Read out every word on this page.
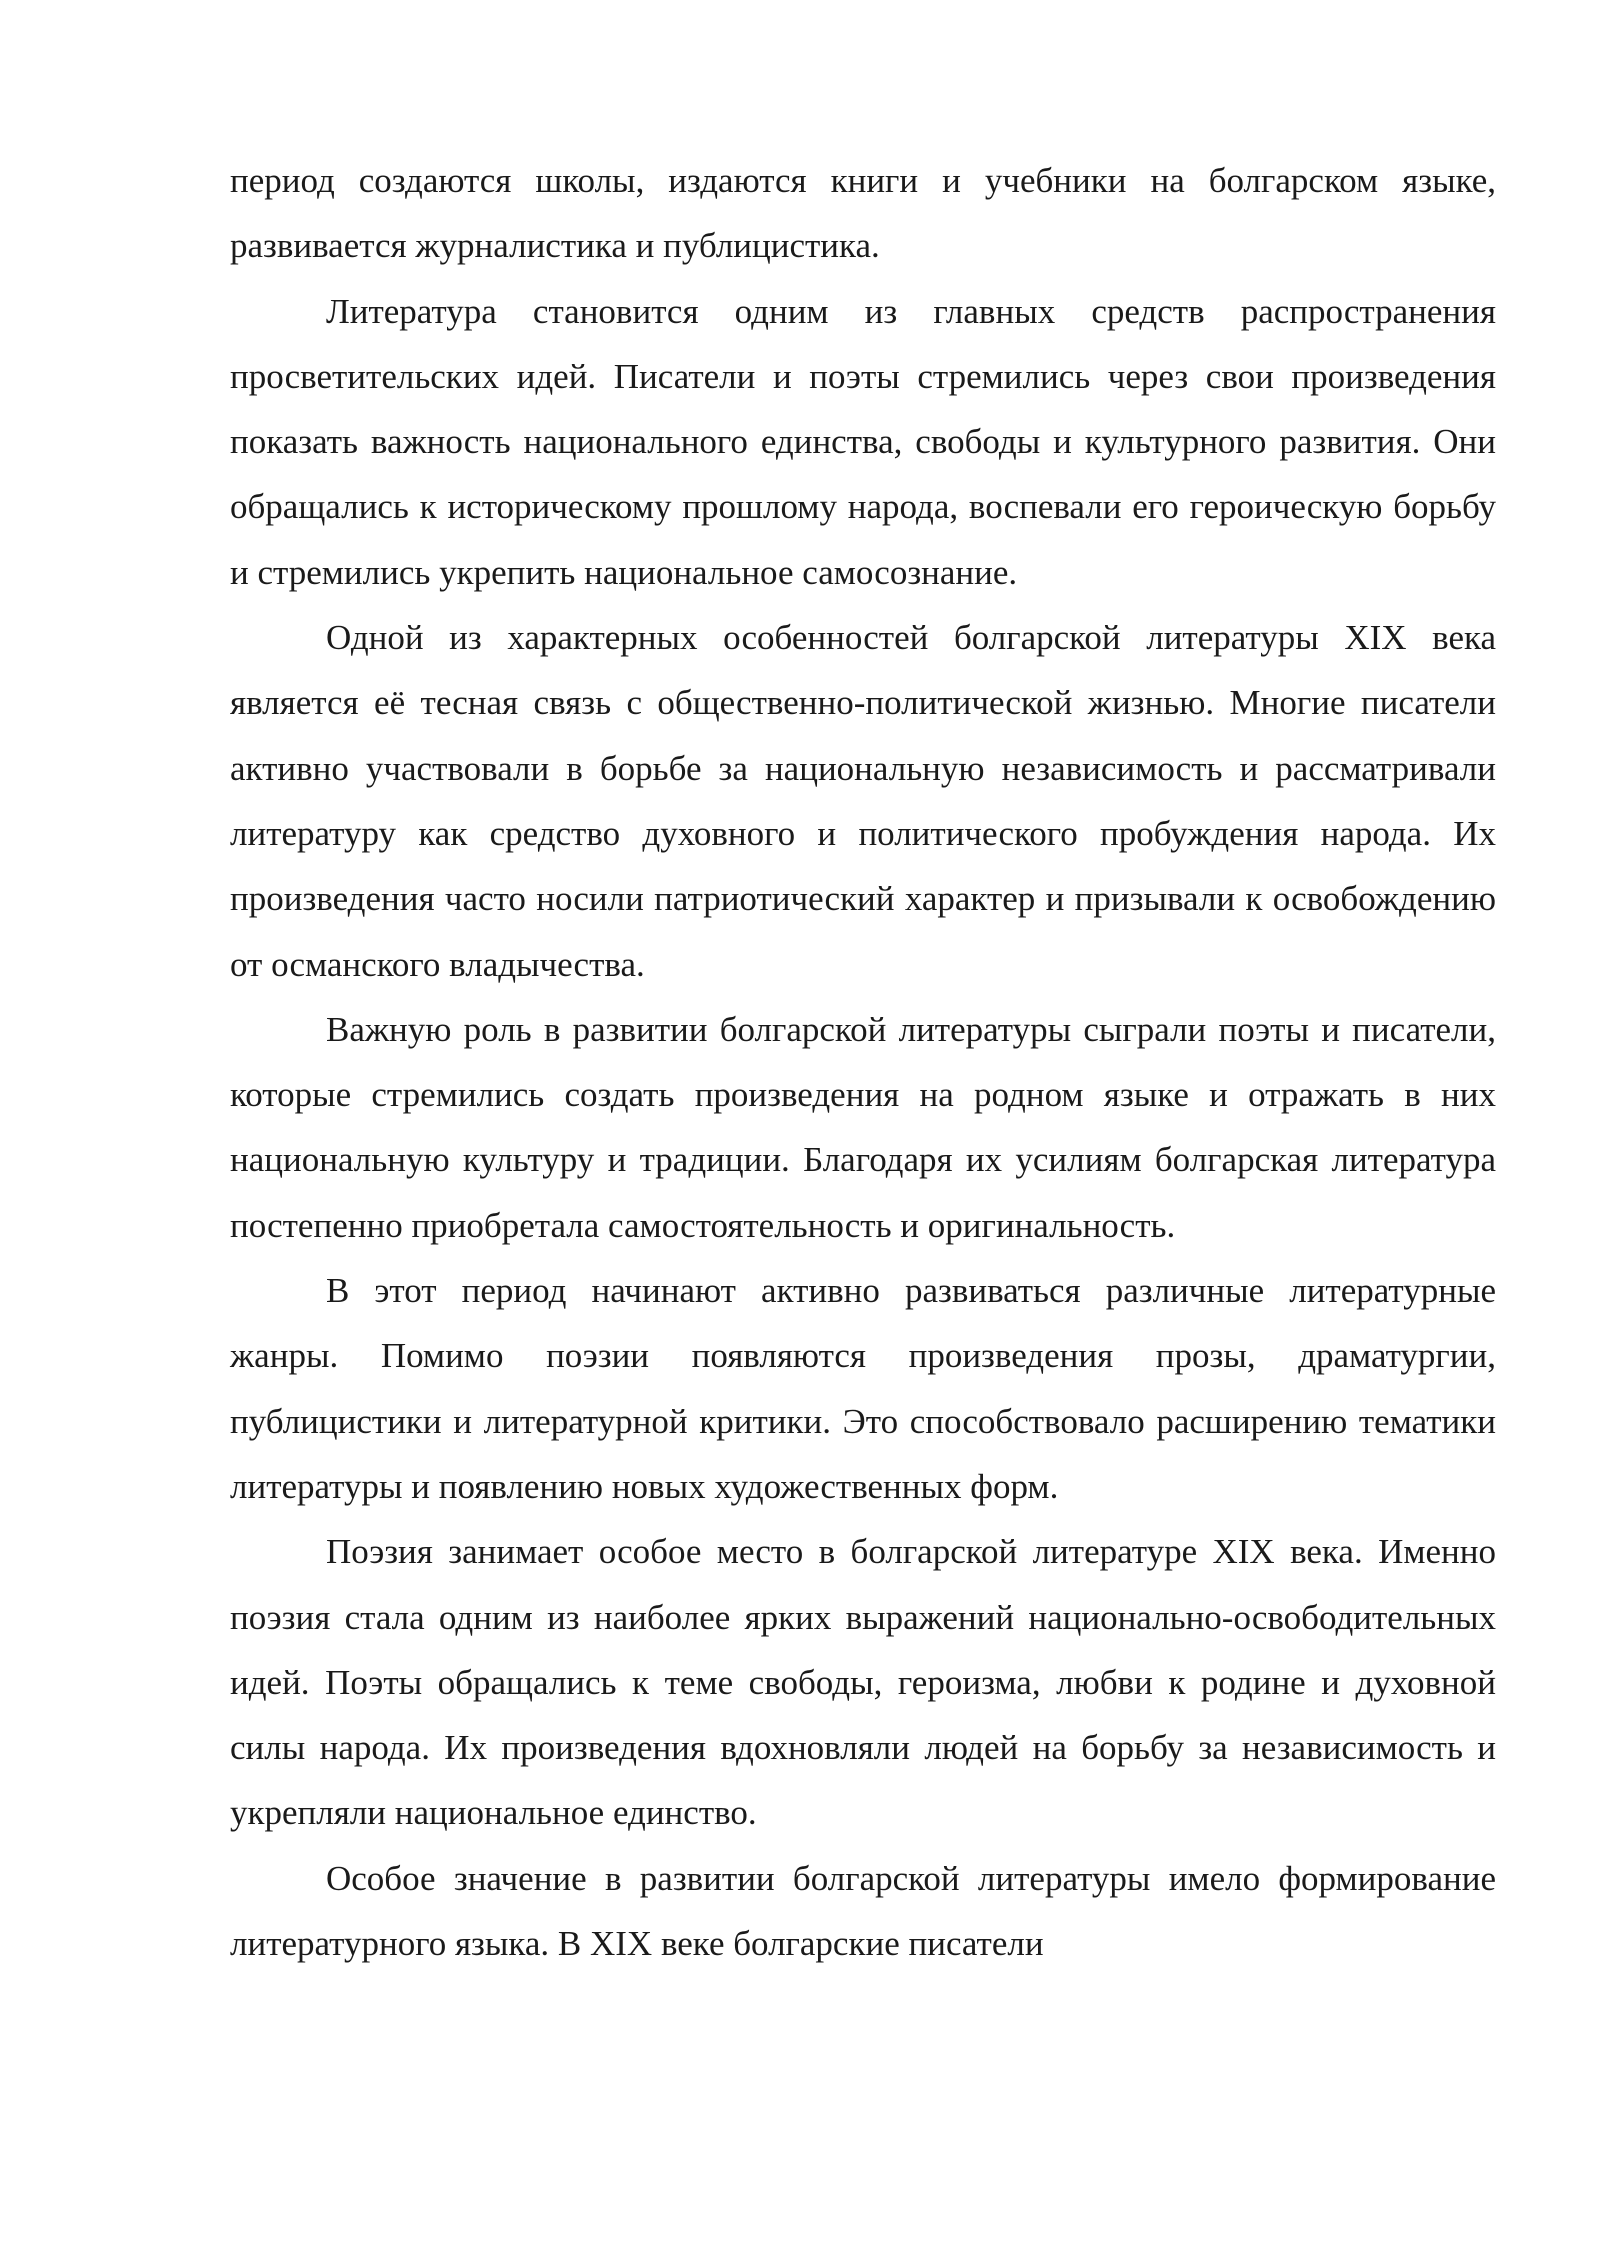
период создаются школы, издаются книги и учебники на болгарском языке, развивается журналистика и публицистика.

Литература становится одним из главных средств распространения просветительских идей. Писатели и поэты стремились через свои произведения показать важность национального единства, свободы и культурного развития. Они обращались к историческому прошлому народа, воспевали его героическую борьбу и стремились укрепить национальное самосознание.

Одной из характерных особенностей болгарской литературы XIX века является её тесная связь с общественно-политической жизнью. Многие писатели активно участвовали в борьбе за национальную независимость и рассматривали литературу как средство духовного и политического пробуждения народа. Их произведения часто носили патриотический характер и призывали к освобождению от османского владычества.

Важную роль в развитии болгарской литературы сыграли поэты и писатели, которые стремились создать произведения на родном языке и отражать в них национальную культуру и традиции. Благодаря их усилиям болгарская литература постепенно приобретала самостоятельность и оригинальность.

В этот период начинают активно развиваться различные литературные жанры. Помимо поэзии появляются произведения прозы, драматургии, публицистики и литературной критики. Это способствовало расширению тематики литературы и появлению новых художественных форм.

Поэзия занимает особое место в болгарской литературе XIX века. Именно поэзия стала одним из наиболее ярких выражений национально-освободительных идей. Поэты обращались к теме свободы, героизма, любви к родине и духовной силы народа. Их произведения вдохновляли людей на борьбу за независимость и укрепляли национальное единство.

Особое значение в развитии болгарской литературы имело формирование литературного языка. В XIX веке болгарские писатели
